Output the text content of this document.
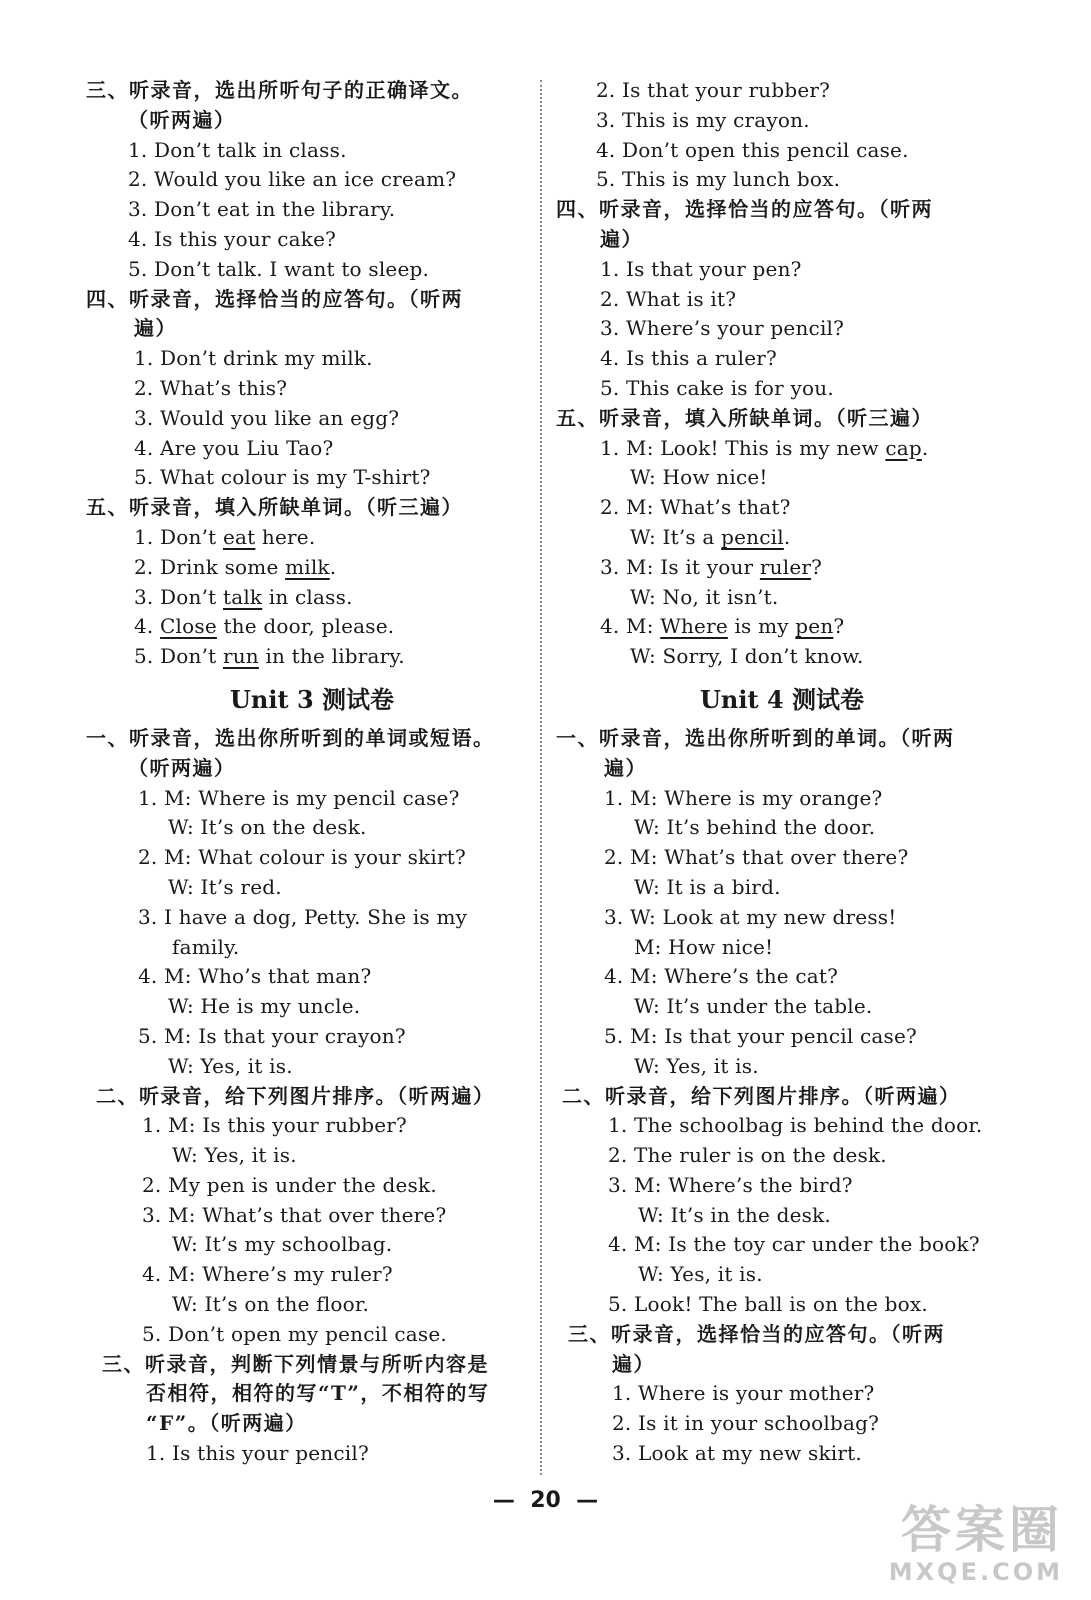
三、听录音，选出所听句子的正确译文。
（听两遍）
1. Don’t talk in class.
2. Would you like an ice cream?
3. Don’t eat in the library.
4. Is this your cake?
5. Don’t talk. I want to sleep.
四、听录音，选择恰当的应答句。（听两
遍）
1. Don’t drink my milk.
2. What’s this?
3. Would you like an egg?
4. Are you Liu Tao?
5. What colour is my T-shirt?
五、听录音，填入所缺单词。（听三遍）
1. Don’t eat here.
2. Drink some milk.
3. Don’t talk in class.
4. Close the door, please.
5. Don’t run in the library.
Unit 3 测试卷
一、听录音，选出你所听到的单词或短语。
（听两遍）
1. M: Where is my pencil case?
W: It’s on the desk.
2. M: What colour is your skirt?
W: It’s red.
3. I have a dog, Petty. She is my
family.
4. M: Who’s that man?
W: He is my uncle.
5. M: Is that your crayon?
W: Yes, it is.
二、听录音，给下列图片排序。（听两遍）
1. M: Is this your rubber?
W: Yes, it is.
2. My pen is under the desk.
3. M: What’s that over there?
W: It’s my schoolbag.
4. M: Where’s my ruler?
W: It’s on the floor.
5. Don’t open my pencil case.
三、听录音，判断下列情景与所听内容是
否相符，相符的写“T”，不相符的写
“F”。（听两遍）
1. Is this your pencil?
2. Is that your rubber?
3. This is my crayon.
4. Don’t open this pencil case.
5. This is my lunch box.
四、听录音，选择恰当的应答句。（听两
遍）
1. Is that your pen?
2. What is it?
3. Where’s your pencil?
4. Is this a ruler?
5. This cake is for you.
五、听录音，填入所缺单词。（听三遍）
1. M: Look! This is my new cap.
W: How nice!
2. M: What’s that?
W: It’s a pencil.
3. M: Is it your ruler?
W: No, it isn’t.
4. M: Where is my pen?
W: Sorry, I don’t know.
Unit 4 测试卷
一、听录音，选出你所听到的单词。（听两
遍）
1. M: Where is my orange?
W: It’s behind the door.
2. M: What’s that over there?
W: It is a bird.
3. W: Look at my new dress!
M: How nice!
4. M: Where’s the cat?
W: It’s under the table.
5. M: Is that your pencil case?
W: Yes, it is.
二、听录音，给下列图片排序。（听两遍）
1. The schoolbag is behind the door.
2. The ruler is on the desk.
3. M: Where’s the bird?
W: It’s in the desk.
4. M: Is the toy car under the book?
W: Yes, it is.
5. Look! The ball is on the box.
三、听录音，选择恰当的应答句。（听两
遍）
1. Where is your mother?
2. Is it in your schoolbag?
3. Look at my new skirt.
— 20 —
答案圈
MXQE.COM
